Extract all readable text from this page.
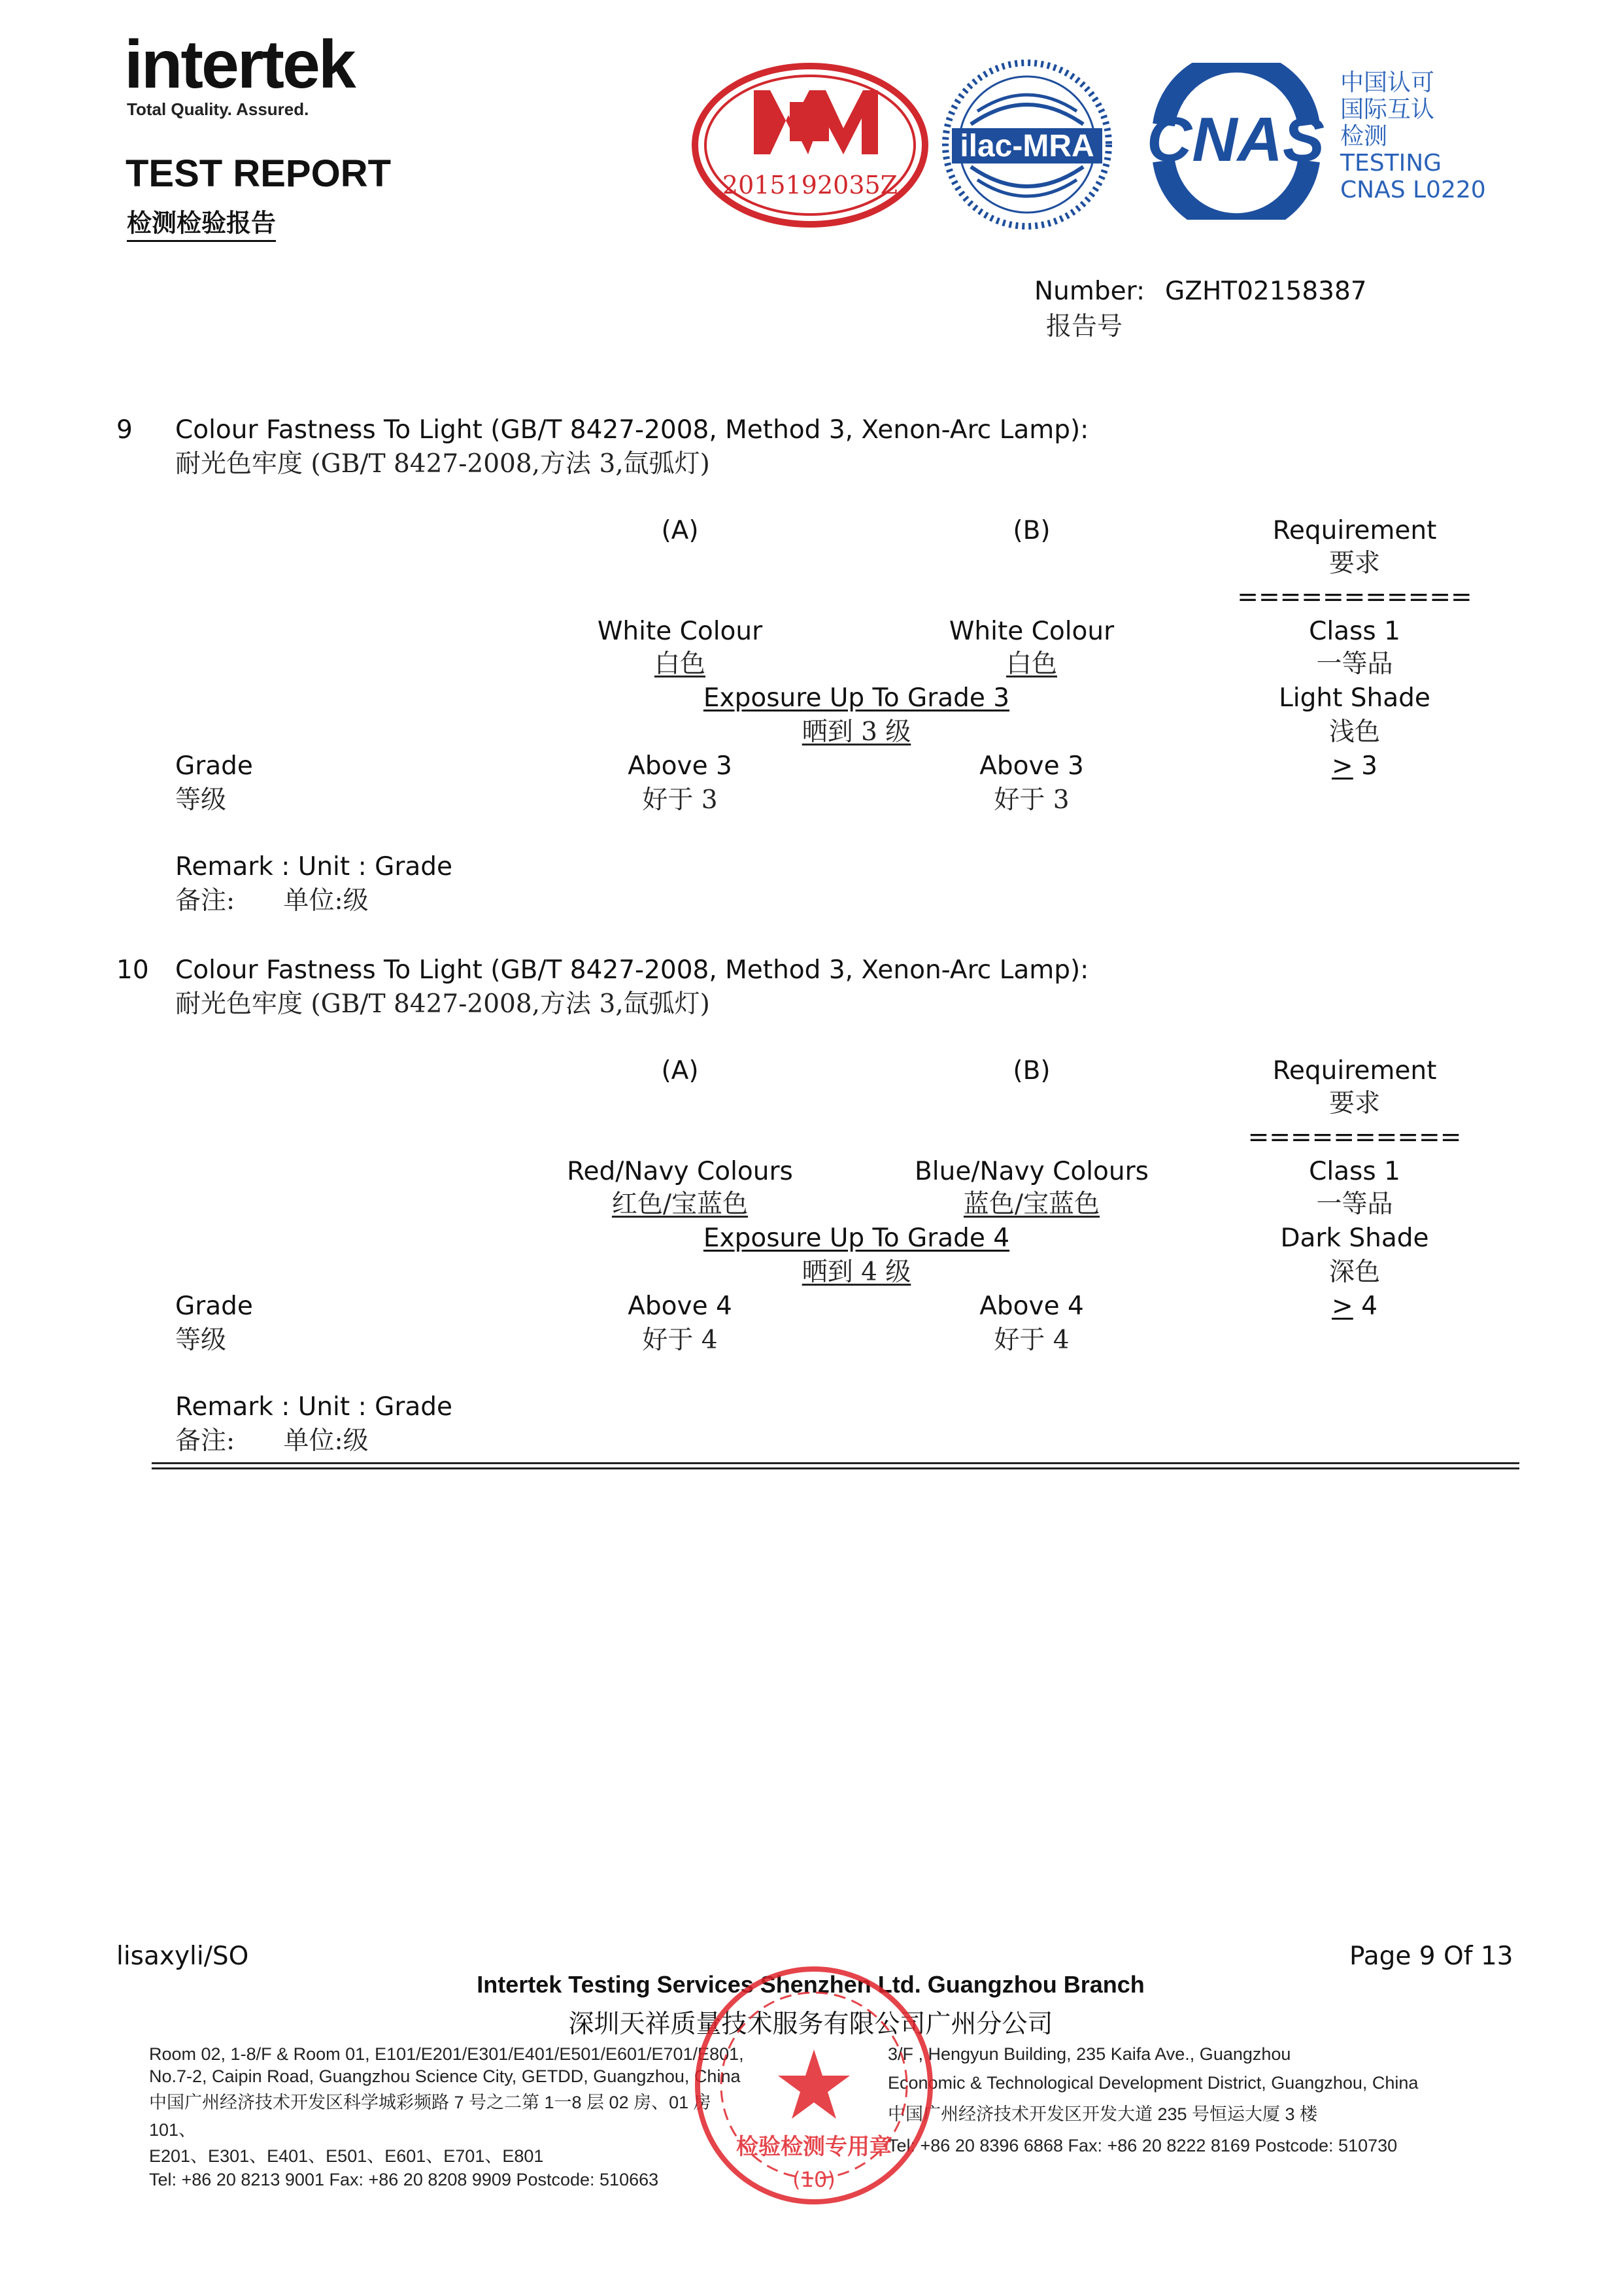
intertek
Total Quality. Assured.
TEST REPORT
检测检验报告
2015192035Z
ilac-MRA CNAS
中国认可
国际互认
检测
TESTING
CNAS L0220
Number: GZHT02158387
报告号
9 Colour Fastness To Light (GB/T 8427-2008, Method 3, Xenon-Arc Lamp):
耐光色牢度 (GB/T 8427-2008,方法 3,氙弧灯)
(A)	(B)	Requirement
要求
===========
White Colour	White Colour	Class 1
白色	白色	一等品
Exposure Up To Grade 3	Light Shade
晒到 3 级	浅色
Grade	Above 3	Above 3	≥ 3
等级	好于 3	好于 3
Remark : Unit : Grade
备注:      单位:级
10 Colour Fastness To Light (GB/T 8427-2008, Method 3, Xenon-Arc Lamp):
耐光色牢度 (GB/T 8427-2008,方法 3,氙弧灯)
(A)	(B)	Requirement
要求
==========
Red/Navy Colours	Blue/Navy Colours	Class 1
红色/宝蓝色	蓝色/宝蓝色	一等品
Exposure Up To Grade 4	Dark Shade
晒到 4 级	深色
Grade	Above 4	Above 4	≥ 4
等级	好于 4	好于 4
Remark : Unit : Grade
备注:      单位:级
lisaxyli/SO	Page 9 Of 13
Intertek Testing Services Shenzhen Ltd. Guangzhou Branch
深圳天祥质量技术服务有限公司广州分公司
Room 02, 1-8/F & Room 01, E101/E201/E301/E401/E501/E601/E701/E801,
No.7-2, Caipin Road, Guangzhou Science City, GETDD, Guangzhou, China
中国广州经济技术开发区科学城彩频路 7 号之二第 1一8 层 02 房、01 房
101、
E201、E301、E401、E501、E601、E701、E801
Tel: +86 20 8213 9001 Fax: +86 20 8208 9909 Postcode: 510663
3/F , Hengyun Building, 235 Kaifa Ave., Guangzhou
Economic & Technological Development District, Guangzhou, China
中国广州经济技术开发区开发大道 235 号恒运大厦 3 楼
Tel: +86 20 8396 6868 Fax: +86 20 8222 8169 Postcode: 510730
检验检测专用章
(10)
